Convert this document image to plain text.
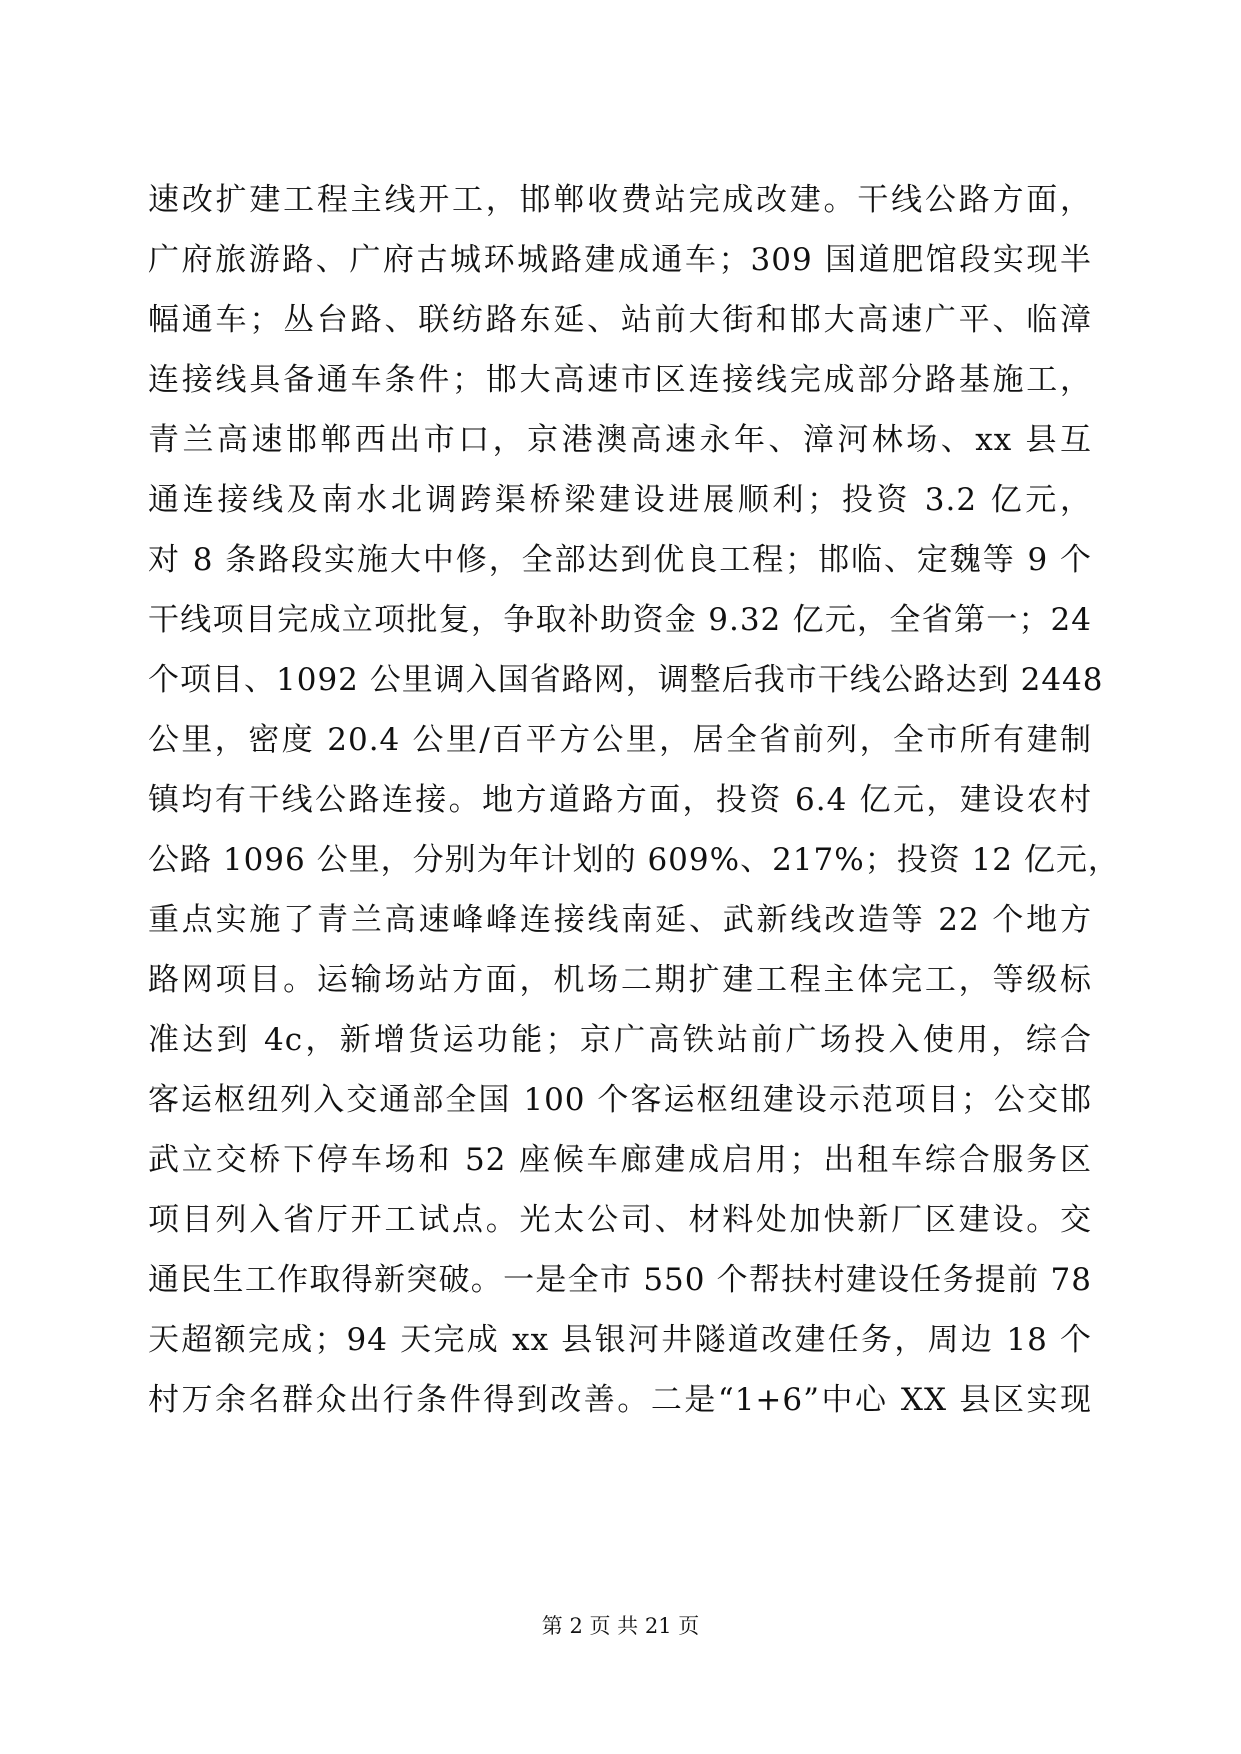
速改扩建工程主线开工，邯郸收费站完成改建。干线公路方面，
广府旅游路、广府古城环城路建成通车；309 国道肥馆段实现半
幅通车；丛台路、联纺路东延、站前大街和邯大高速广平、临漳
连接线具备通车条件；邯大高速市区连接线完成部分路基施工，
青兰高速邯郸西出市口，京港澳高速永年、漳河林场、xx 县互
通连接线及南水北调跨渠桥梁建设进展顺利；投资 3.2 亿元，
对 8 条路段实施大中修，全部达到优良工程；邯临、定魏等 9 个
干线项目完成立项批复，争取补助资金 9.32 亿元，全省第一；24
个项目、1092 公里调入国省路网，调整后我市干线公路达到 2448
公里，密度 20.4 公里/百平方公里，居全省前列，全市所有建制
镇均有干线公路连接。地方道路方面，投资 6.4 亿元，建设农村
公路 1096 公里，分别为年计划的 609%、217%；投资 12 亿元，
重点实施了青兰高速峰峰连接线南延、武新线改造等 22 个地方
路网项目。运输场站方面，机场二期扩建工程主体完工，等级标
准达到 4c，新增货运功能；京广高铁站前广场投入使用，综合
客运枢纽列入交通部全国 100 个客运枢纽建设示范项目；公交邯
武立交桥下停车场和 52 座候车廊建成启用；出租车综合服务区
项目列入省厅开工试点。光太公司、材料处加快新厂区建设。交
通民生工作取得新突破。一是全市 550 个帮扶村建设任务提前 78
天超额完成；94 天完成 xx 县银河井隧道改建任务，周边 18 个
村万余名群众出行条件得到改善。二是“1+6”中心 XX 县区实现
第 2 页 共 21 页
